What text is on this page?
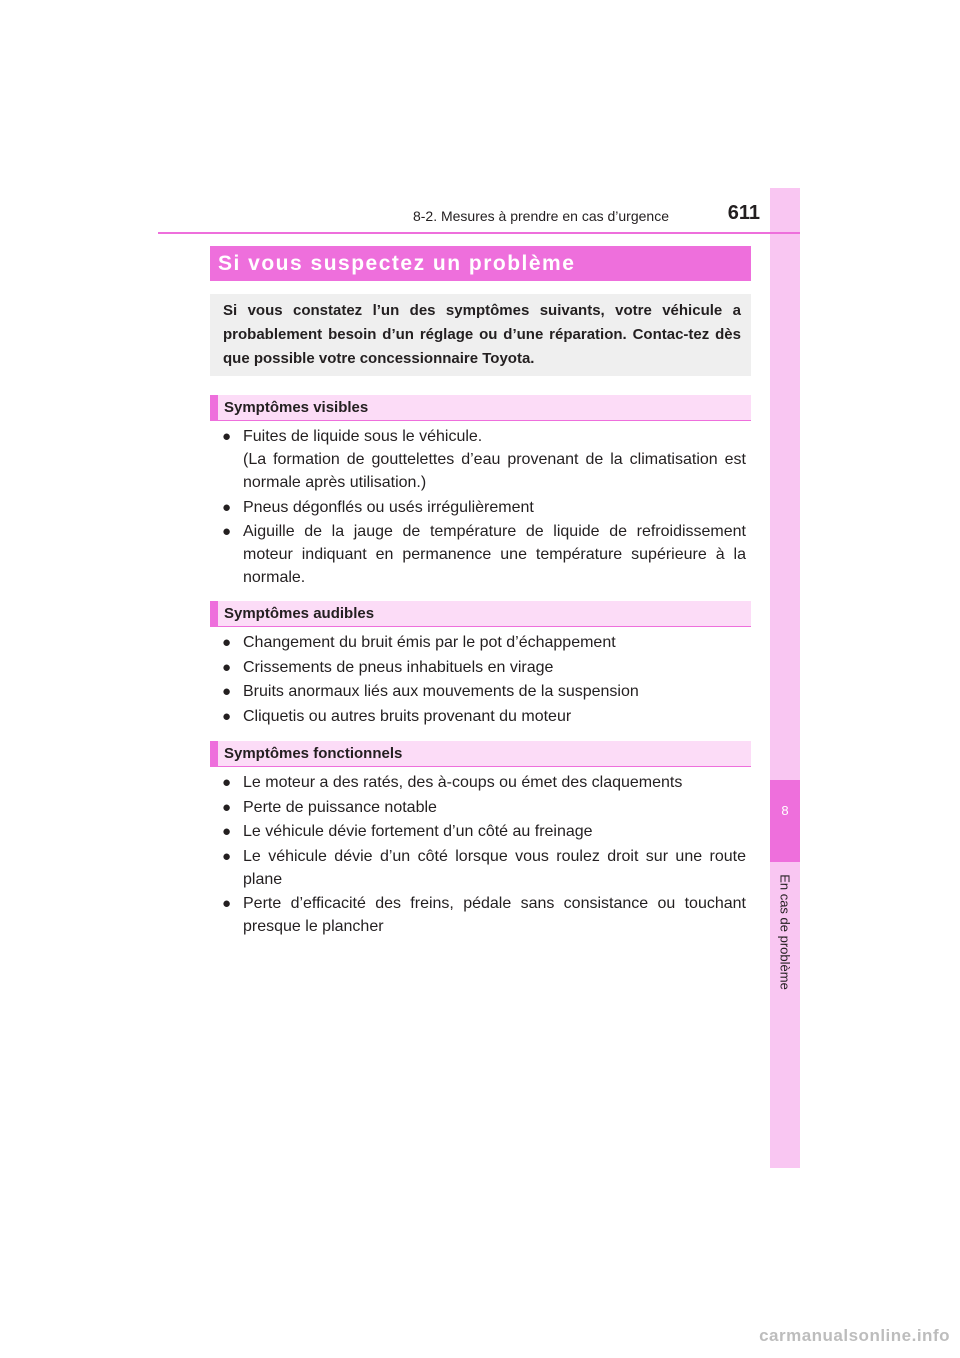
8
En cas de problème
8-2. Mesures à prendre en cas d’urgence	611
Si vous suspectez un problème
Si vous constatez l’un des symptômes suivants, votre véhicule a probablement besoin d’un réglage ou d’une réparation. Contac-tez dès que possible votre concessionnaire Toyota.
Symptômes visibles
● Fuites de liquide sous le véhicule.
(La formation de gouttelettes d’eau provenant de la climatisation est normale après utilisation.)
● Pneus dégonflés ou usés irrégulièrement
● Aiguille de la jauge de température de liquide de refroidissement moteur indiquant en permanence une température supérieure à la normale.
Symptômes audibles
● Changement du bruit émis par le pot d’échappement
● Crissements de pneus inhabituels en virage
● Bruits anormaux liés aux mouvements de la suspension
● Cliquetis ou autres bruits provenant du moteur
Symptômes fonctionnels
● Le moteur a des ratés, des à-coups ou émet des claquements
● Perte de puissance notable
● Le véhicule dévie fortement d’un côté au freinage
● Le véhicule dévie d’un côté lorsque vous roulez droit sur une route plane
● Perte d’efficacité des freins, pédale sans consistance ou touchant presque le plancher
carmanualsonline.info
